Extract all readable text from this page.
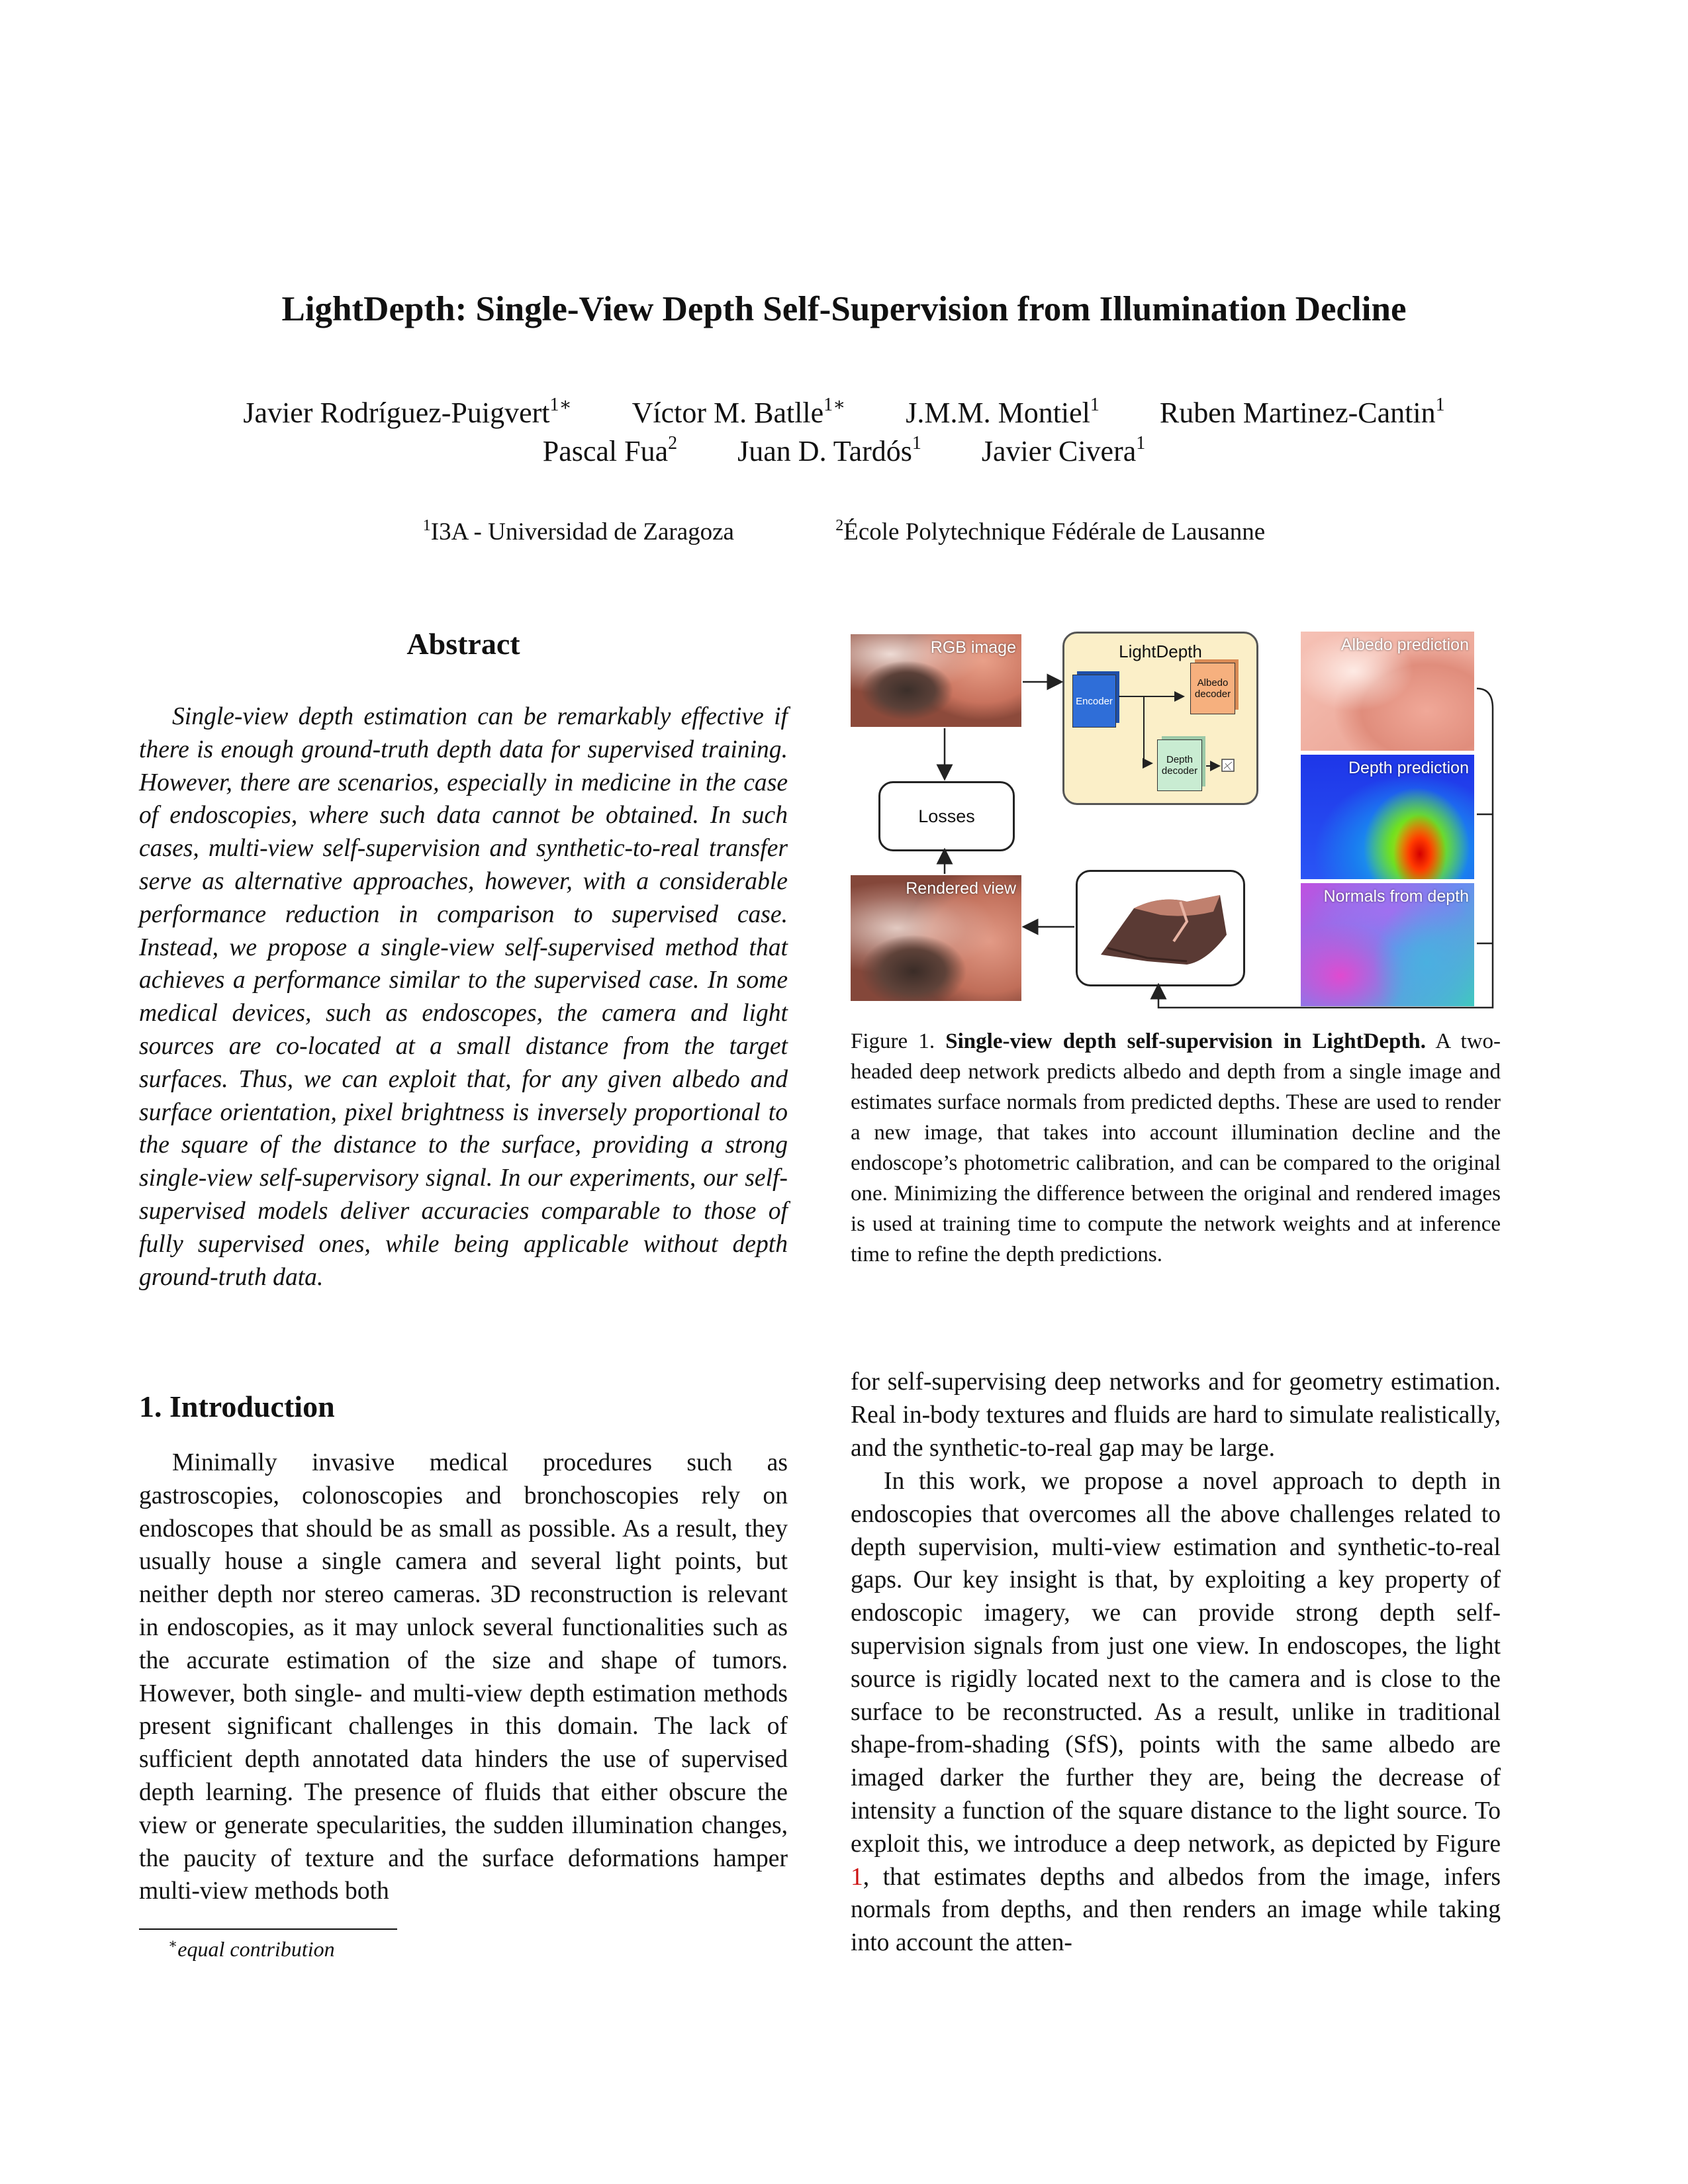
LightDepth: Single-View Depth Self-Supervision from Illumination Decline
Javier Rodríguez-Puigvert$^{1∗}$ Víctor M. Batlle$^{1∗}$ J.M.M. Montiel$^1$ Ruben Martinez-Cantin$^1$
Pascal Fua$^2$ Juan D. Tardós$^1$ Javier Civera$^1$
$^1$I3A - Universidad de Zaragoza	$^2$École Polytechnique Fédérale de Lausanne
Abstract

Single-view depth estimation can be remarkably effective if there is enough ground-truth depth data for supervised training. However, there are scenarios, especially in medicine in the case of endoscopies, where such data cannot be obtained. In such cases, multi-view self-supervision and synthetic-to-real transfer serve as alternative approaches, however, with a considerable performance reduction in comparison to supervised case. Instead, we propose a single-view self-supervised method that achieves a performance similar to the supervised case. In some medical devices, such as endoscopes, the camera and light sources are co-located at a small distance from the target surfaces. Thus, we can exploit that, for any given albedo and surface orientation, pixel brightness is inversely proportional to the square of the distance to the surface, providing a strong single-view self-supervisory signal. In our experiments, our self-supervised models deliver accuracies comparable to those of fully supervised ones, while being applicable without depth ground-truth data.

1. Introduction

Minimally invasive medical procedures such as gastroscopies, colonoscopies and bronchoscopies rely on endoscopes that should be as small as possible. As a result, they usually house a single camera and several light points, but neither depth nor stereo cameras. 3D reconstruction is relevant in endoscopies, as it may unlock several functionalities such as the accurate estimation of the size and shape of tumors. However, both single- and multi-view depth estimation methods present significant challenges in this domain. The lack of sufficient depth annotated data hinders the use of supervised depth learning. The presence of fluids that either obscure the view or generate specularities, the sudden illumination changes, the paucity of texture and the surface deformations hamper multi-view methods both

∗equal contribution

for self-supervising deep networks and for geometry estimation. Real in-body textures and fluids are hard to simulate realistically, and the synthetic-to-real gap may be large.

In this work, we propose a novel approach to depth in endoscopies that overcomes all the above challenges related to depth supervision, multi-view estimation and synthetic-to-real gaps. Our key insight is that, by exploiting a key property of endoscopic imagery, we can provide strong depth self-supervision signals from just one view. In endoscopes, the light source is rigidly located next to the camera and is close to the surface to be reconstructed. As a result, unlike in traditional shape-from-shading (SfS), points with the same albedo are imaged darker the further they are, being the decrease of intensity a function of the square distance to the light source. To exploit this, we introduce a deep network, as depicted by Figure 1, that estimates depths and albedos from the image, infers normals from depths, and then renders an image while taking into account the atten-

RGB image
Rendered view
Losses
LightDepth
Encoder
Albedo decoder
Depth decoder
Albedo prediction
Depth prediction
Normals from depth

Figure 1. Single-view depth self-supervision in LightDepth. A two-headed deep network predicts albedo and depth from a single image and estimates surface normals from predicted depths. These are used to render a new image, that takes into account illumination decline and the endoscope’s photometric calibration, and can be compared to the original one. Minimizing the difference between the original and rendered images is used at training time to compute the network weights and at inference time to refine the depth predictions.
